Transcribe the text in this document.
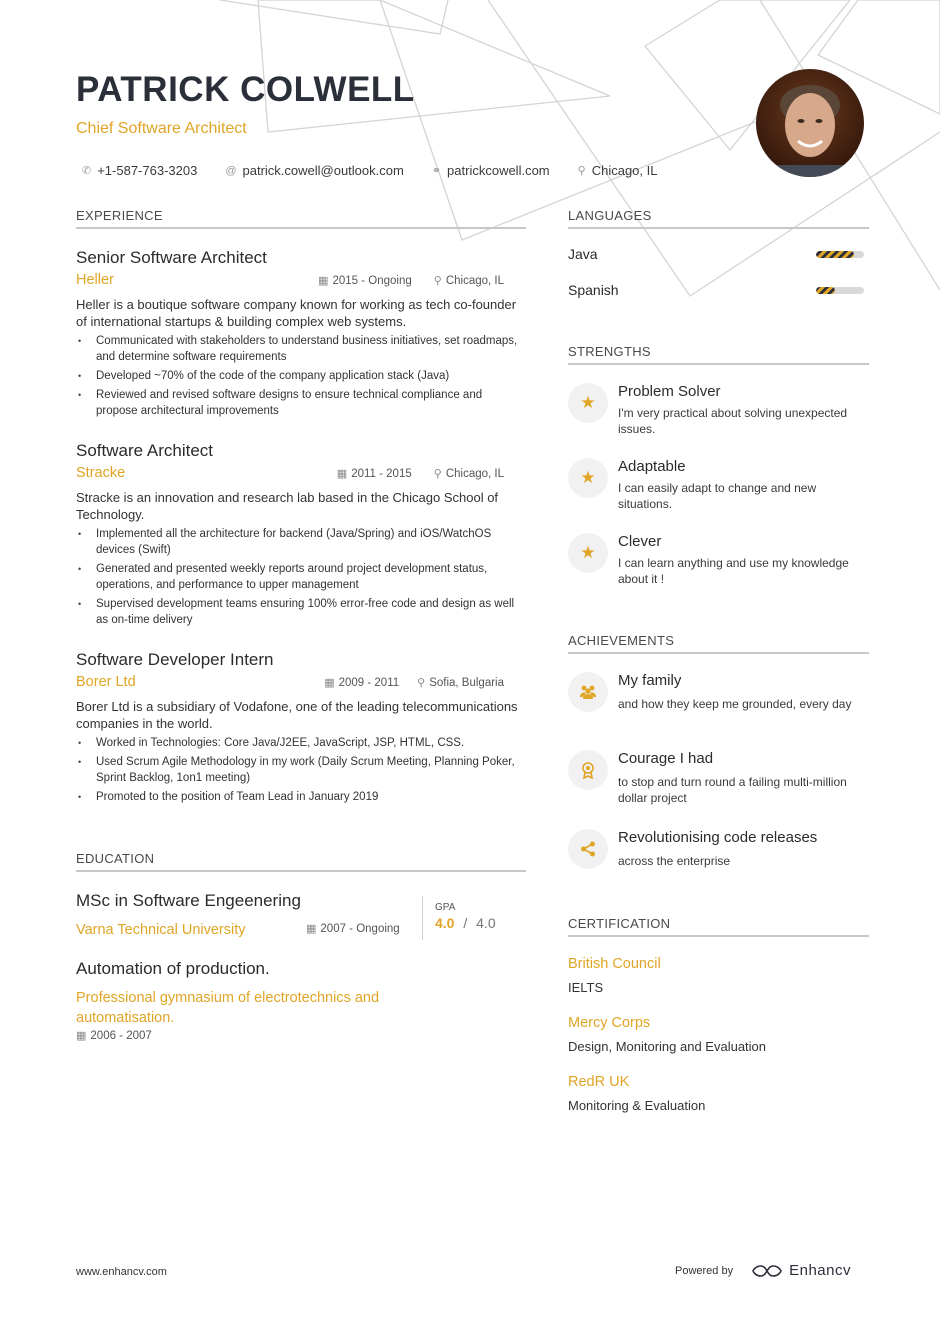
PATRICK COLWELL
Chief Software Architect
✆ +1-587-763-3203	@ patrick.cowell@outlook.com	⚭ patrickcowell.com	⚲ Chicago, IL
EXPERIENCE
Senior Software Architect
Heller	▦ 2015 - Ongoing ⚲ Chicago, IL
Heller is a boutique software company known for working as tech co-founder of international startups & building complex web systems.
• Communicated with stakeholders to understand business initiatives, set roadmaps, and determine software requirements
• Developed ~70% of the code of the company application stack (Java)
• Reviewed and revised software designs to ensure technical compliance and propose architectural improvements
Software Architect
Stracke	▦ 2011 - 2015 ⚲ Chicago, IL
Stracke is an innovation and research lab based in the Chicago School of Technology.
• Implemented all the architecture for backend (Java/Spring) and iOS/WatchOS devices (Swift)
• Generated and presented weekly reports around project development status, operations, and performance to upper management
• Supervised development teams ensuring 100% error-free code and design as well as on-time delivery
Software Developer Intern
Borer Ltd	▦ 2009 - 2011 ⚲ Sofia, Bulgaria
Borer Ltd is a subsidiary of Vodafone, one of the leading telecommunications companies in the world.
• Worked in Technologies: Core Java/J2EE, JavaScript, JSP, HTML, CSS.
• Used Scrum Agile Methodology in my work (Daily Scrum Meeting, Planning Poker, Sprint Backlog, 1on1 meeting)
• Promoted to the position of Team Lead in January 2019
EDUCATION
MSc in Software Engeenering
Varna Technical University	▦ 2007 - Ongoing
GPA
4.0 / 4.0
Automation of production.
Professional gymnasium of electrotechnics and automatisation.
▦ 2006 - 2007
LANGUAGES
Java
Spanish
STRENGTHS
★
Problem Solver
I'm very practical about solving unexpected issues.
★
Adaptable
I can easily adapt to change and new situations.
★
Clever
I can learn anything and use my knowledge about it !
ACHIEVEMENTS
My family
and how they keep me grounded, every day
Courage I had
to stop and turn round a failing multi-million dollar project
Revolutionising code releases
across the enterprise
CERTIFICATION
British Council
IELTS
Mercy Corps
Design, Monitoring and Evaluation
RedR UK
Monitoring & Evaluation
www.enhancv.com	Powered by	Enhancv
